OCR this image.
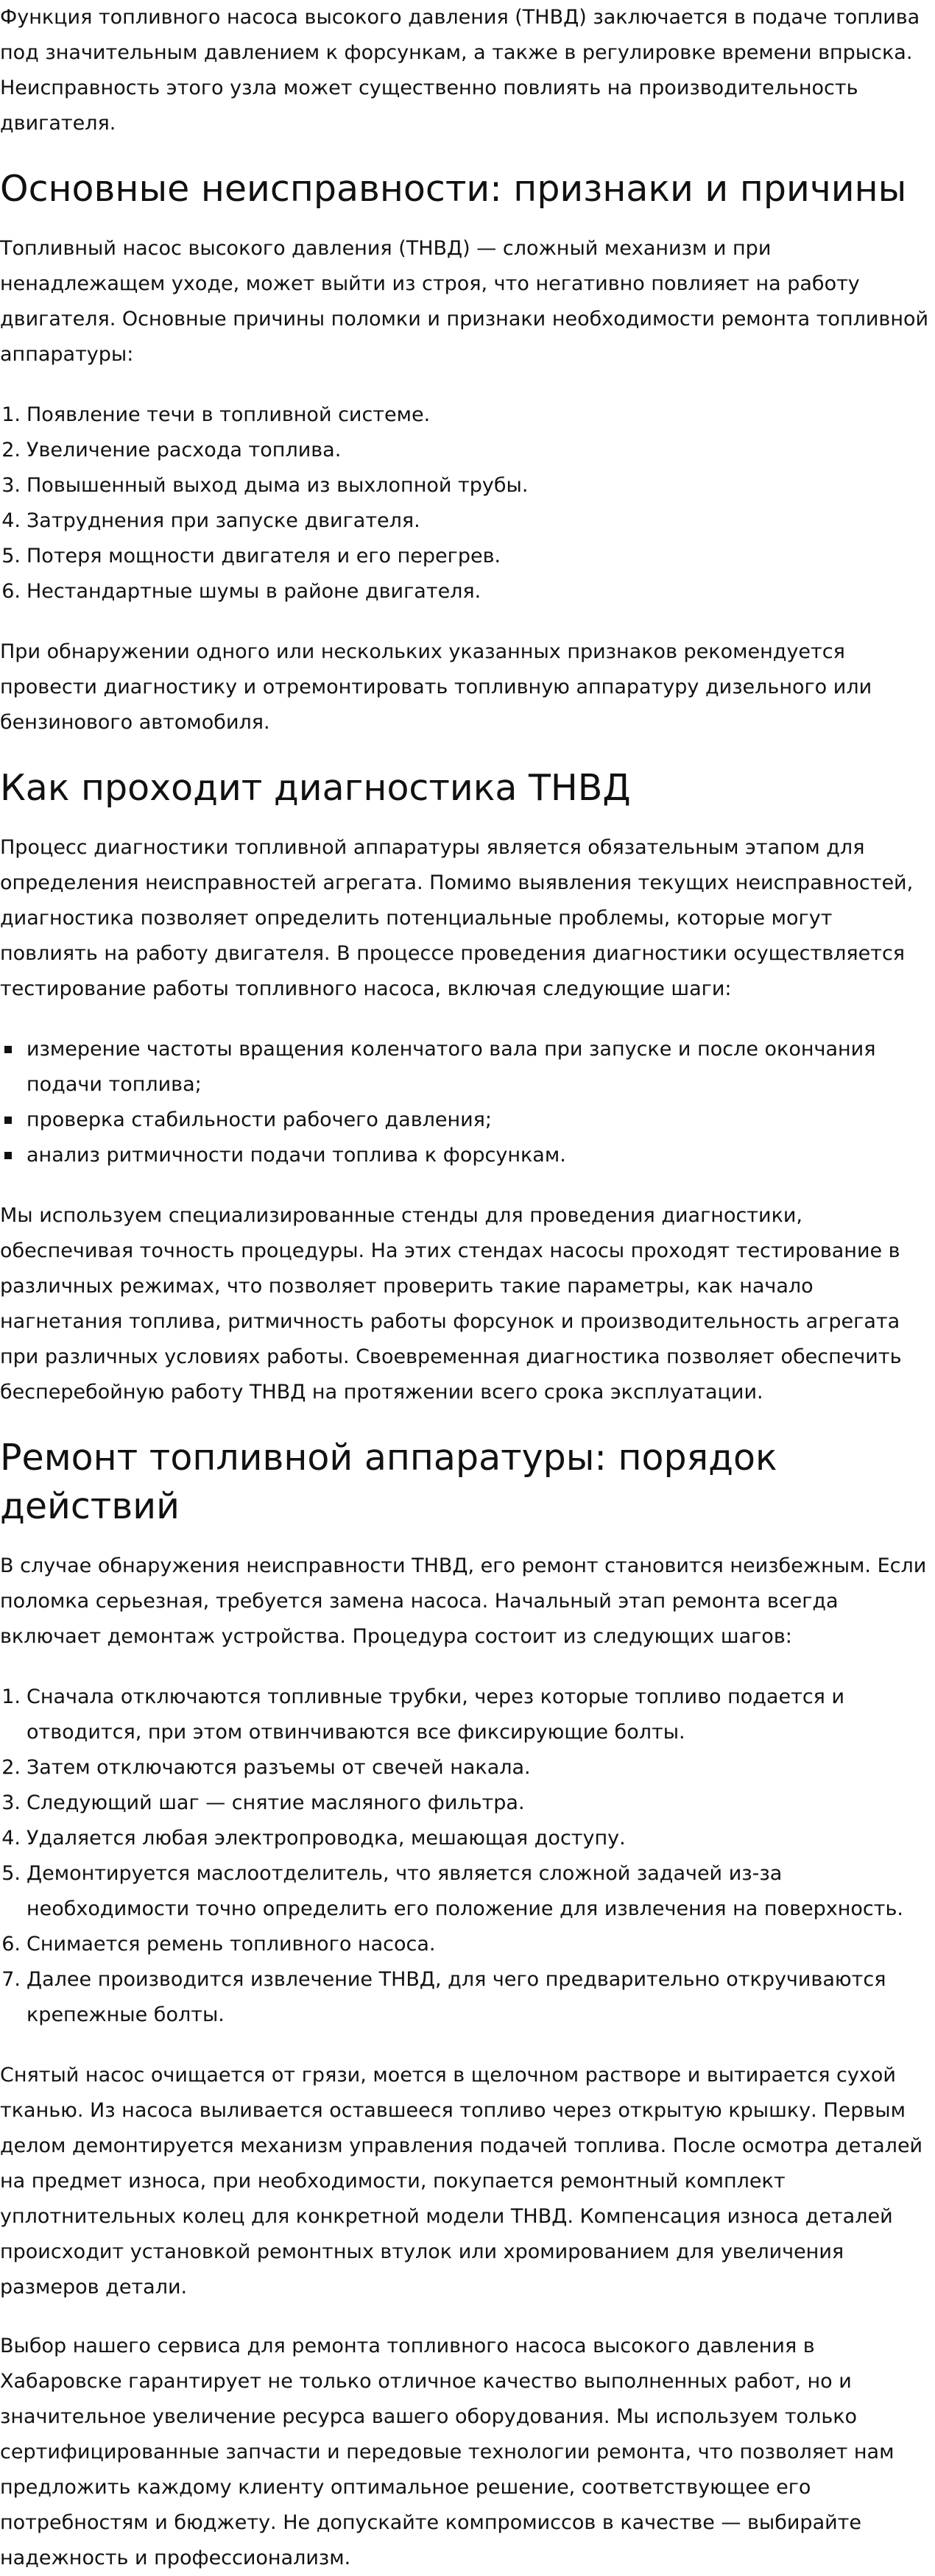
Функция топливного насоса высокого давления (ТНВД) заключается в подаче топлива под значительным давлением к форсункам, а также в регулировке времени впрыска. Неисправность этого узла может существенно повлиять на производительность двигателя.

Основные неисправности: признаки и причины

Топливный насос высокого давления (ТНВД) — сложный механизм и при ненадлежащем уходе, может выйти из строя, что негативно повлияет на работу двигателя. Основные причины поломки и признаки необходимости ремонта топливной аппаратуры:

Появление течи в топливной системе.
Увеличение расхода топлива.
Повышенный выход дыма из выхлопной трубы.
Затруднения при запуске двигателя.
Потеря мощности двигателя и его перегрев.
Нестандартные шумы в районе двигателя.

При обнаружении одного или нескольких указанных признаков рекомендуется провести диагностику и отремонтировать топливную аппаратуру дизельного или бензинового автомобиля.

Как проходит диагностика ТНВД

Процесс диагностики топливной аппаратуры является обязательным этапом для определения неисправностей агрегата. Помимо выявления текущих неисправностей, диагностика позволяет определить потенциальные проблемы, которые могут повлиять на работу двигателя. В процессе проведения диагностики осуществляется тестирование работы топливного насоса, включая следующие шаги:

измерение частоты вращения коленчатого вала при запуске и после окончания подачи топлива;
проверка стабильности рабочего давления;
анализ ритмичности подачи топлива к форсункам.

Мы используем специализированные стенды для проведения диагностики, обеспечивая точность процедуры. На этих стендах насосы проходят тестирование в различных режимах, что позволяет проверить такие параметры, как начало нагнетания топлива, ритмичность работы форсунок и производительность агрегата при различных условиях работы. Своевременная диагностика позволяет обеспечить бесперебойную работу ТНВД на протяжении всего срока эксплуатации.

Ремонт топливной аппаратуры: порядок действий

В случае обнаружения неисправности ТНВД, его ремонт становится неизбежным. Если поломка серьезная, требуется замена насоса. Начальный этап ремонта всегда включает демонтаж устройства. Процедура состоит из следующих шагов:

Сначала отключаются топливные трубки, через которые топливо подается и отводится, при этом отвинчиваются все фиксирующие болты.
Затем отключаются разъемы от свечей накала.
Следующий шаг — снятие масляного фильтра.
Удаляется любая электропроводка, мешающая доступу.
Демонтируется маслоотделитель, что является сложной задачей из-за необходимости точно определить его положение для извлечения на поверхность.
Снимается ремень топливного насоса.
Далее производится извлечение ТНВД, для чего предварительно откручиваются крепежные болты.

Снятый насос очищается от грязи, моется в щелочном растворе и вытирается сухой тканью. Из насоса выливается оставшееся топливо через открытую крышку. Первым делом демонтируется механизм управления подачей топлива. После осмотра деталей на предмет износа, при необходимости, покупается ремонтный комплект уплотнительных колец для конкретной модели ТНВД. Компенсация износа деталей происходит установкой ремонтных втулок или хромированием для увеличения размеров детали.

Выбор нашего сервиса для ремонта топливного насоса высокого давления в Хабаровске гарантирует не только отличное качество выполненных работ, но и значительное увеличение ресурса вашего оборудования. Мы используем только сертифицированные запчасти и передовые технологии ремонта, что позволяет нам предложить каждому клиенту оптимальное решение, соответствующее его потребностям и бюджету. Не допускайте компромиссов в качестве — выбирайте надежность и профессионализм.
